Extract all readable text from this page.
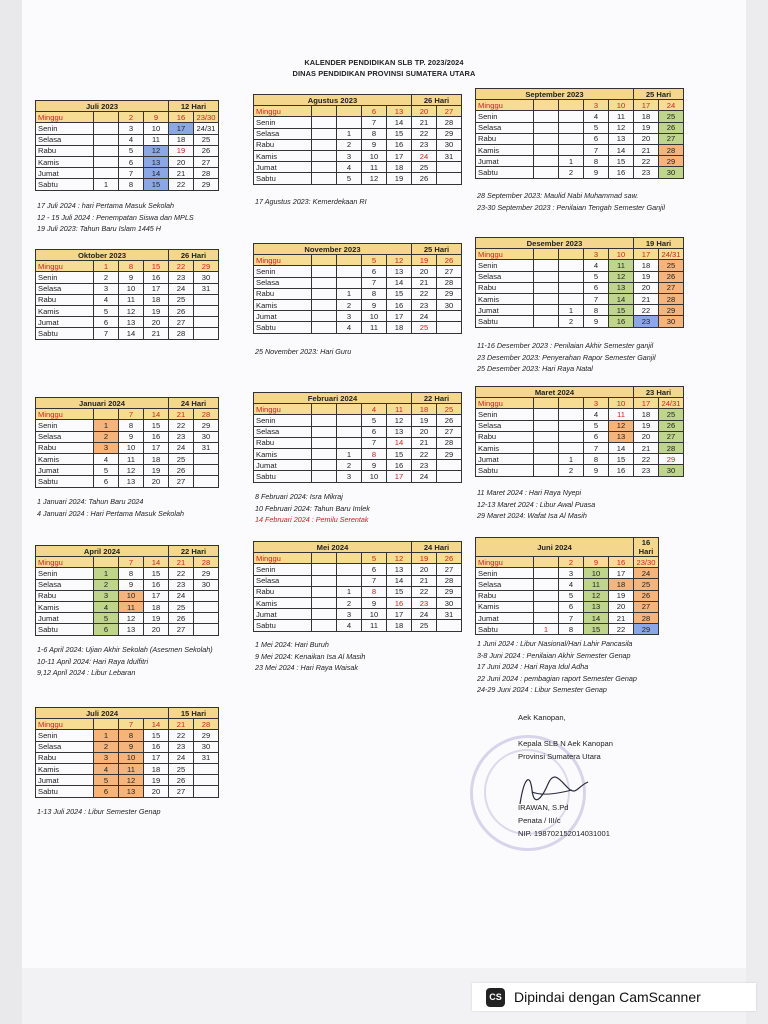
KALENDER PENDIDIKAN SLB TP. 2023/2024
DINAS PENDIDIKAN PROVINSI SUMATERA UTARA
Juli 2023				12 Hari	
Minggu		2	9	16	23/30
Senin		3	10	17	24/31
Selasa		4	11	18	25
Rabu		5	12	19	26
Kamis		6	13	20	27
Jumat		7	14	21	28
Sabtu	1	8	15	22	29
17 Juli 2024 : hari Pertama Masuk Sekolah
12 - 15 Juli 2024 : Penempatan Siswa dan MPLS
19 Juli 2023: Tahun Baru Islam 1445 H
Agustus 2023					26 Hari	
Minggu			6	13	20	27
Senin			7	14	21	28
Selasa		1	8	15	22	29
Rabu		2	9	16	23	30
Kamis		3	10	17	24	31
Jumat		4	11	18	25	
Sabtu		5	12	19	26	
17 Agustus 2023: Kemerdekaan RI
September 2023					25 Hari	
Minggu			3	10	17	24
Senin			4	11	18	25
Selasa			5	12	19	26
Rabu			6	13	20	27
Kamis			7	14	21	28
Jumat		1	8	15	22	29
Sabtu		2	9	16	23	30
28 September 2023: Maulid Nabi Muhammad saw.
23-30 September 2023 : Penilaian Tengah Semester Ganjil
Oktober 2023				26 Hari	
Minggu	1	8	15	22	29
Senin	2	9	16	23	30
Selasa	3	10	17	24	31
Rabu	4	11	18	25	
Kamis	5	12	19	26	
Jumat	6	13	20	27	
Sabtu	7	14	21	28	
November 2023					25 Hari	
Minggu			5	12	19	26
Senin			6	13	20	27
Selasa			7	14	21	28
Rabu		1	8	15	22	29
Kamis		2	9	16	23	30
Jumat		3	10	17	24	
Sabtu		4	11	18	25	
25 November 2023: Hari Guru
Desember 2023					19 Hari	
Minggu			3	10	17	24/31
Senin			4	11	18	25
Selasa			5	12	19	26
Rabu			6	13	20	27
Kamis			7	14	21	28
Jumat		1	8	15	22	29
Sabtu		2	9	16	23	30
11-16 Desember 2023 : Penilaian Akhir Semester ganjil
23 Desember 2023: Penyerahan Rapor Semester Ganjil
25 Desember 2023: Hari Raya Natal
Januari 2024				24 Hari	
Minggu		7	14	21	28
Senin	1	8	15	22	29
Selasa	2	9	16	23	30
Rabu	3	10	17	24	31
Kamis	4	11	18	25	
Jumat	5	12	19	26	
Sabtu	6	13	20	27	
1 Januari 2024: Tahun Baru 2024
4 Januari 2024 : Hari Pertama Masuk Sekolah
Februari 2024					22 Hari	
Minggu			4	11	18	25
Senin			5	12	19	26
Selasa			6	13	20	27
Rabu			7	14	21	28
Kamis		1	8	15	22	29
Jumat		2	9	16	23	
Sabtu		3	10	17	24	
8 Februari 2024: Isra Mikraj
10 Februari 2024: Tahun Baru Imlek
14 Februari 2024 : Pemilu Serentak
Maret 2024					23 Hari	
Minggu			3	10	17	24/31
Senin			4	11	18	25
Selasa			5	12	19	26
Rabu			6	13	20	27
Kamis			7	14	21	28
Jumat		1	8	15	22	29
Sabtu		2	9	16	23	30
11 Maret 2024 : Hari Raya Nyepi
12-13 Maret 2024 : Libur Awal Puasa
29 Maret 2024: Wafat Isa Al Masih
April 2024				22 Hari	
Minggu		7	14	21	28
Senin	1	8	15	22	29
Selasa	2	9	16	23	30
Rabu	3	10	17	24	
Kamis	4	11	18	25	
Jumat	5	12	19	26	
Sabtu	6	13	20	27	
1-6 April 2024: Ujian Akhir Sekolah (Asesmen Sekolah)
10-11 April 2024: Hari Raya Idulfitri
9,12 April 2024 : Libur Lebaran
Mei 2024					24 Hari	
Minggu			5	12	19	26
Senin			6	13	20	27
Selasa			7	14	21	28
Rabu		1	8	15	22	29
Kamis		2	9	16	23	30
Jumat		3	10	17	24	31
Sabtu		4	11	18	25	
1 Mei 2024: Hari Buruh
9 Mei 2024: Kenaikan Isa Al Masih
23 Mei 2024 : Hari Raya Waisak
Juni 2024					16 Hari
Minggu		2	9	16	23/30
Senin		3	10	17	24
Selasa		4	11	18	25
Rabu		5	12	19	26
Kamis		6	13	20	27
Jumat		7	14	21	28
Sabtu	1	8	15	22	29
1 Juni 2024 : Libur Nasional/Hari Lahir Pancasila
3-8 Juni 2024 : Penilaian Akhir Semester Genap
17 Juni 2024 : Hari Raya Idul Adha
22 Juni 2024 : pembagian raport Semester Genap
24-29 Juni 2024 : Libur Semester Genap
Juli 2024				15 Hari	
Minggu		7	14	21	28
Senin	1	8	15	22	29
Selasa	2	9	16	23	30
Rabu	3	10	17	24	31
Kamis	4	11	18	25	
Jumat	5	12	19	26	
Sabtu	6	13	20	27	
1-13 Juli 2024 : Libur Semester Genap
Aek Kanopan,
Kepala SLB N Aek Kanopan
Provinsi Sumatera Utara
IRAWAN, S.Pd
Penata / III/c
NIP. 198702152014031001
CS Dipindai dengan CamScanner
